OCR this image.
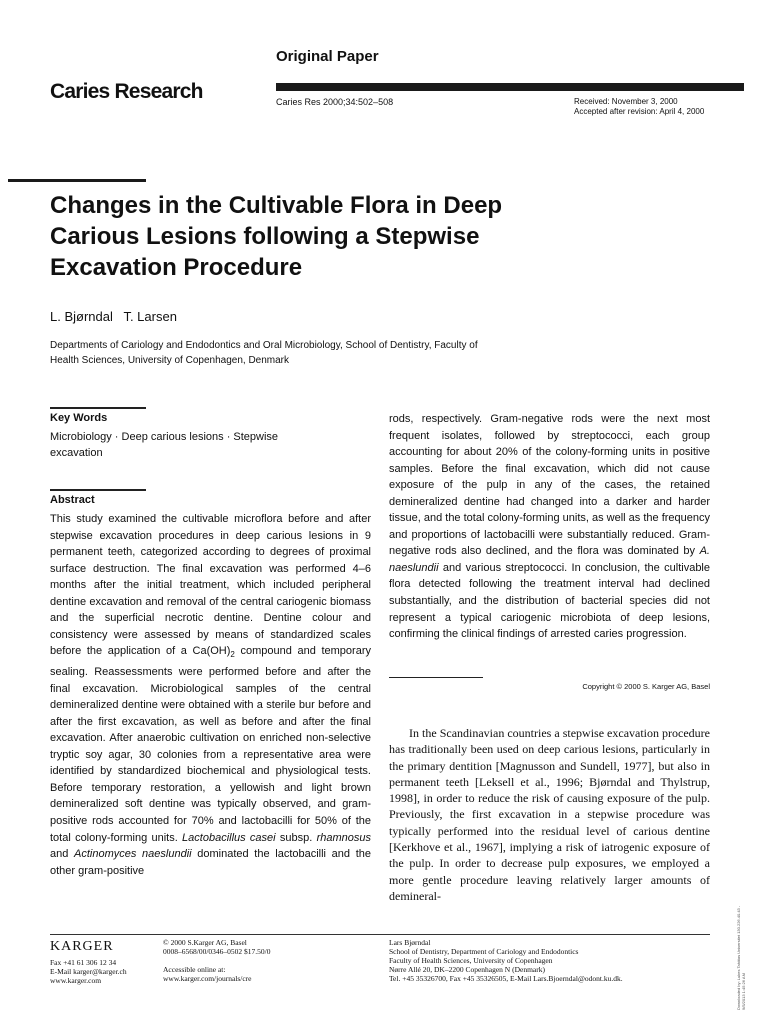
Original Paper
Caries Research	Caries Res 2000;34:502–508	Received: November 3, 2000
Accepted after revision: April 4, 2000
Changes in the Cultivable Flora in Deep
Carious Lesions following a Stepwise
Excavation Procedure
L. Bjørndal   T. Larsen
Departments of Cariology and Endodontics and Oral Microbiology, School of Dentistry, Faculty of
Health Sciences, University of Copenhagen, Denmark
Key Words
Microbiology · Deep carious lesions · Stepwise
excavation
Abstract

This study examined the cultivable microflora before and after stepwise excavation procedures in deep carious lesions in 9 permanent teeth, categorized according to degrees of proximal surface destruction. The final excavation was performed 4–6 months after the initial treatment, which included peripheral dentine excavation and removal of the central cariogenic biomass and the superficial necrotic dentine. Dentine colour and consistency were assessed by means of standardized scales before the application of a $Ca(OH)_2$ compound and temporary sealing. Reassessments were performed before and after the final excavation. Microbiological samples of the central demineralized dentine were obtained with a sterile bur before and after the first excavation, as well as before and after the final excavation. After anaerobic cultivation on enriched non-selective tryptic soy agar, 30 colonies from a representative area were identified by standardized biochemical and physiological tests. Before temporary restoration, a yellowish and light brown demineralized soft dentine was typically observed, and gram-positive rods accounted for 70% and lactobacilli for 50% of the total colony-forming units. Lactobacillus casei subsp. rhamnosus and Actinomyces naeslundii dominated the lactobacilli and the other gram-positive

rods, respectively. Gram-negative rods were the next most frequent isolates, followed by streptococci, each group accounting for about 20% of the colony-forming units in positive samples. Before the final excavation, which did not cause exposure of the pulp in any of the cases, the retained demineralized dentine had changed into a darker and harder tissue, and the total colony-forming units, as well as the frequency and proportions of lactobacilli were substantially reduced. Gram-negative rods also declined, and the flora was dominated by A. naeslundii and various streptococci. In conclusion, the cultivable flora detected following the treatment interval had declined substantially, and the distribution of bacterial species did not represent a typical cariogenic microbiota of deep lesions, confirming the clinical findings of arrested caries progression.

Copyright © 2000 S. Karger AG, Basel

In the Scandinavian countries a stepwise excavation procedure has traditionally been used on deep carious lesions, particularly in the primary dentition [Magnusson and Sundell, 1977], but also in permanent teeth [Leksell et al., 1996; Bjørndal and Thylstrup, 1998], in order to reduce the risk of causing exposure of the pulp. Previously, the first excavation in a stepwise procedure was typically performed into the residual level of carious dentine [Kerkhove et al., 1967], implying a risk of iatrogenic exposure of the pulp. In order to decrease pulp exposures, we employed a more gentle procedure leaving relatively larger amounts of demineral-

KARGER
Fax +41 61 306 12 34
E-Mail karger@karger.ch
www.karger.com
© 2000 S.Karger AG, Basel
0008–6568/00/0346–0502 $17.50/0
Accessible online at:
www.karger.com/journals/cre
Lars Bjørndal
School of Dentistry, Department of Cariology and Endodontics
Faculty of Health Sciences, University of Copenhagen
Nørre Allé 20, DK–2200 Copenhagen N (Denmark)
Tel. +45 35326700, Fax +45 35326505, E-Mail Lars.Bjoerndal@odont.ku.dk.	Downloaded by: Lukes Tahitias Universitet 130.226.40.43 - 9/5/2013 1:45:26 AM
